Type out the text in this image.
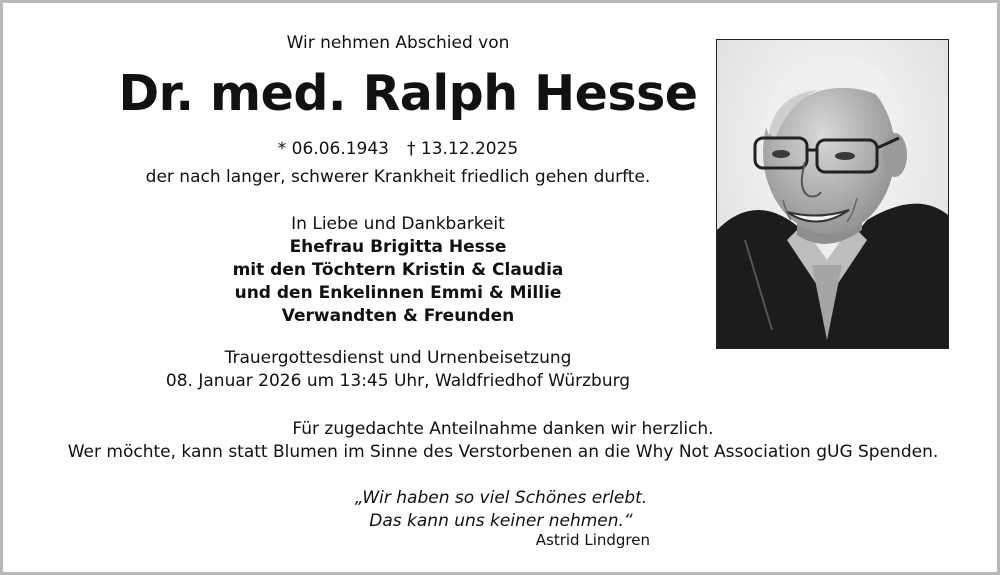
Wir nehmen Abschied von
Dr. med. Ralph Hesse
* 06.06.1943 † 13.12.2025
der nach langer, schwerer Krankheit friedlich gehen durfte.
In Liebe und Dankbarkeit
Ehefrau Brigitta Hesse
mit den Töchtern Kristin & Claudia
und den Enkelinnen Emmi & Millie
Verwandten & Freunden
Trauergottesdienst und Urnenbeisetzung
08. Januar 2026 um 13:45 Uhr, Waldfriedhof Würzburg
Für zugedachte Anteilnahme danken wir herzlich.
Wer möchte, kann statt Blumen im Sinne des Verstorbenen an die Why Not Association gUG Spenden.
„Wir haben so viel Schönes erlebt.
Das kann uns keiner nehmen.“
Astrid Lindgren
